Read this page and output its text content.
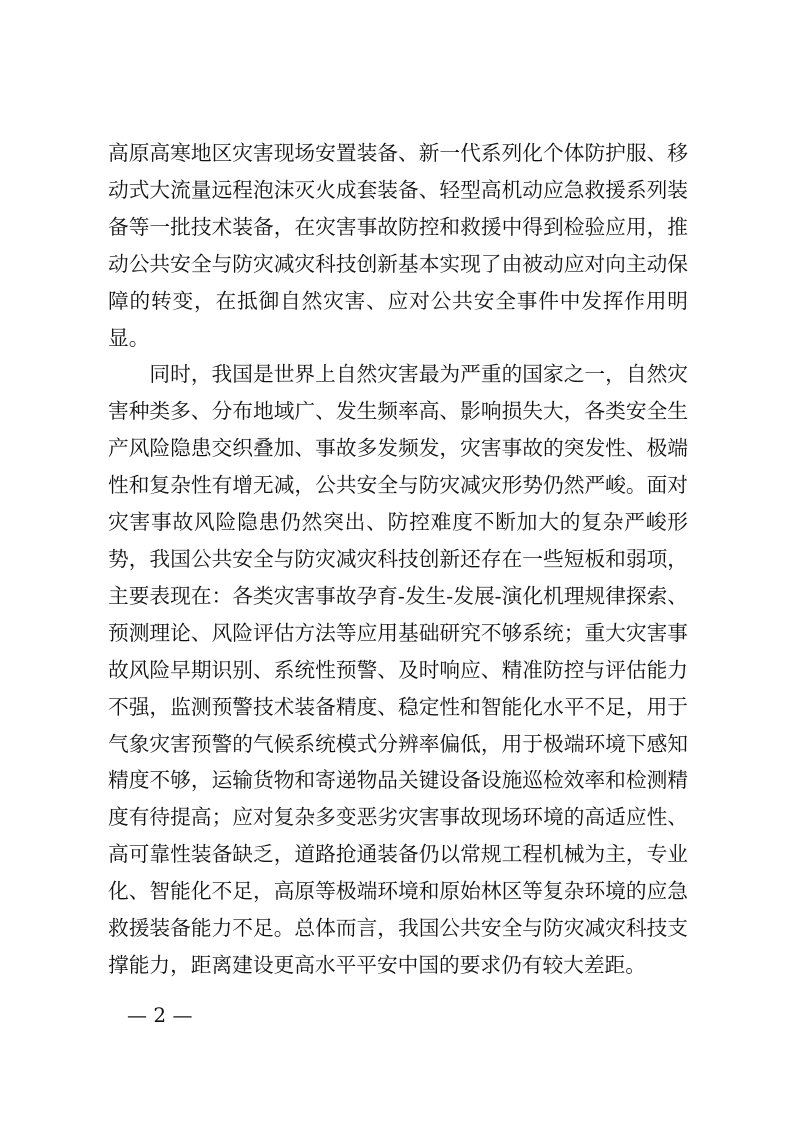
高原高寒地区灾害现场安置装备、新一代系列化个体防护服、移动式大流量远程泡沫灭火成套装备、轻型高机动应急救援系列装备等一批技术装备，在灾害事故防控和救援中得到检验应用，推动公共安全与防灾减灾科技创新基本实现了由被动应对向主动保障的转变，在抵御自然灾害、应对公共安全事件中发挥作用明显。

同时，我国是世界上自然灾害最为严重的国家之一，自然灾害种类多、分布地域广、发生频率高、影响损失大，各类安全生产风险隐患交织叠加、事故多发频发，灾害事故的突发性、极端性和复杂性有增无减，公共安全与防灾减灾形势仍然严峻。面对灾害事故风险隐患仍然突出、防控难度不断加大的复杂严峻形势，我国公共安全与防灾减灾科技创新还存在一些短板和弱项，主要表现在：各类灾害事故孕育-发生-发展-演化机理规律探索、预测理论、风险评估方法等应用基础研究不够系统；重大灾害事故风险早期识别、系统性预警、及时响应、精准防控与评估能力不强，监测预警技术装备精度、稳定性和智能化水平不足，用于气象灾害预警的气候系统模式分辨率偏低，用于极端环境下感知精度不够，运输货物和寄递物品关键设备设施巡检效率和检测精度有待提高；应对复杂多变恶劣灾害事故现场环境的高适应性、高可靠性装备缺乏，道路抢通装备仍以常规工程机械为主，专业化、智能化不足，高原等极端环境和原始林区等复杂环境的应急救援装备能力不足。总体而言，我国公共安全与防灾减灾科技支撑能力，距离建设更高水平平安中国的要求仍有较大差距。

— 2 —
